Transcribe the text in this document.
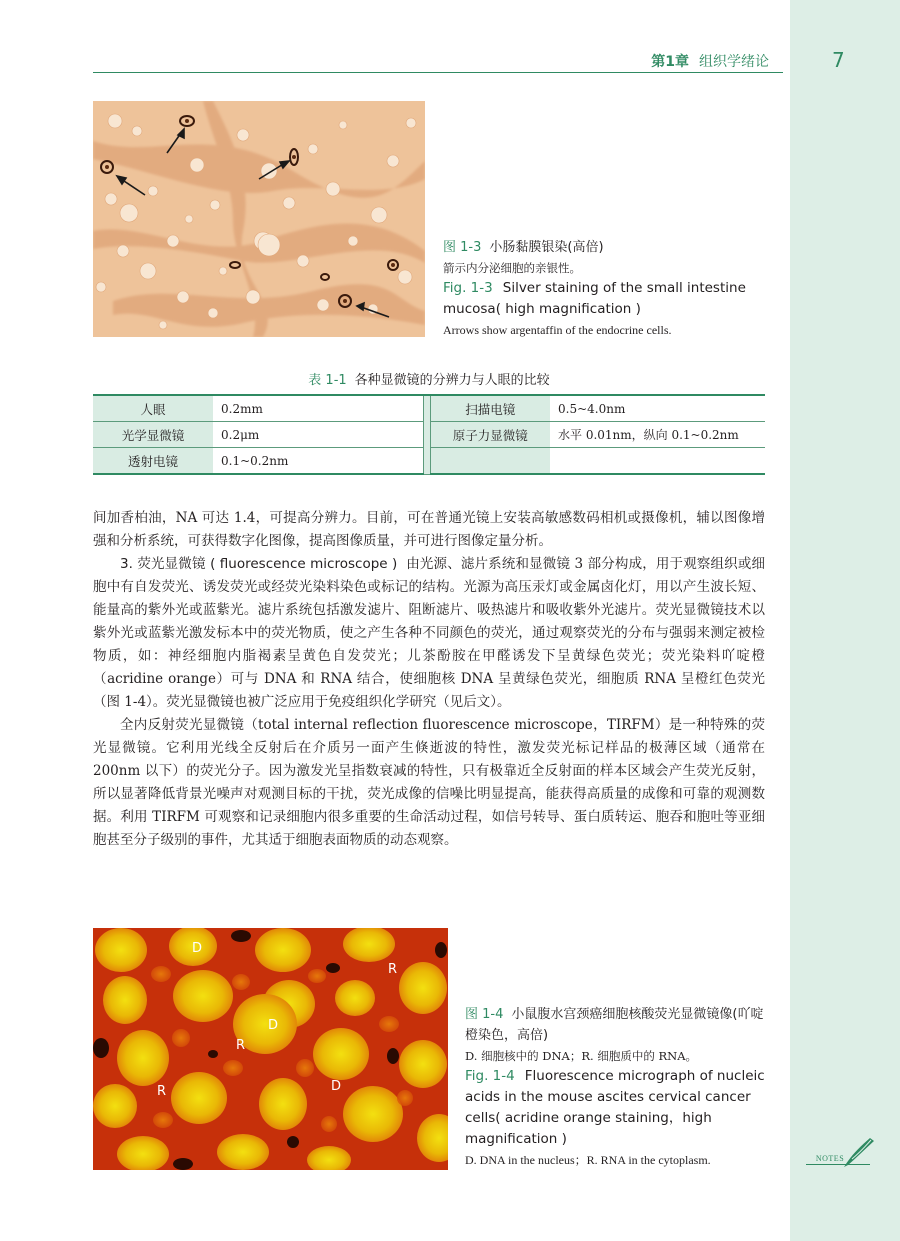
NOTES
第1章 组织学绪论	7
图 1-3 小肠黏膜银染(高倍)
箭示内分泌细胞的亲银性。
Fig. 1-3 Silver staining of the small intestine mucosa( high magnification )
Arrows show argentaffin of the endocrine cells.
表 1-1 各种显微镜的分辨力与人眼的比较
人眼	0.2mm		扫描电镜	0.5~4.0nm
光学显微镜	0.2μm		原子力显微镜	水平 0.01nm，纵向 0.1~0.2nm
透射电镜	0.1~0.2nm			

间加香柏油，NA 可达 1.4，可提高分辨力。目前，可在普通光镜上安装高敏感数码相机或摄像机，辅以图像增强和分析系统，可获得数字化图像，提高图像质量，并可进行图像定量分析。

3. 荧光显微镜 ( fluorescence microscope ) 由光源、滤片系统和显微镜 3 部分构成，用于观察组织或细胞中有自发荧光、诱发荧光或经荧光染料染色或标记的结构。光源为高压汞灯或金属卤化灯，用以产生波长短、能量高的紫外光或蓝紫光。滤片系统包括激发滤片、阻断滤片、吸热滤片和吸收紫外光滤片。荧光显微镜技术以紫外光或蓝紫光激发标本中的荧光物质，使之产生各种不同颜色的荧光，通过观察荧光的分布与强弱来测定被检物质，如：神经细胞内脂褐素呈黄色自发荧光；儿茶酚胺在甲醛诱发下呈黄绿色荧光；荧光染料吖啶橙（acridine orange）可与 DNA 和 RNA 结合，使细胞核 DNA 呈黄绿色荧光，细胞质 RNA 呈橙红色荧光（图 1-4）。荧光显微镜也被广泛应用于免疫组织化学研究（见后文）。

全内反射荧光显微镜（total internal reflection fluorescence microscope，TIRFM）是一种特殊的荧光显微镜。它利用光线全反射后在介质另一面产生倏逝波的特性，激发荧光标记样品的极薄区域（通常在 200nm 以下）的荧光分子。因为激发光呈指数衰减的特性，只有极靠近全反射面的样本区域会产生荧光反射，所以显著降低背景光噪声对观测目标的干扰，荧光成像的信噪比明显提高，能获得高质量的成像和可靠的观测数据。利用 TIRFM 可观察和记录细胞内很多重要的生命活动过程，如信号转导、蛋白质转运、胞吞和胞吐等亚细胞甚至分子级别的事件，尤其适于细胞表面物质的动态观察。

D
R
D
R
R	D
图 1-4 小鼠腹水宫颈癌细胞核酸荧光显微镜像(吖啶橙染色，高倍)
D. 细胞核中的 DNA；R. 细胞质中的 RNA。
Fig. 1-4 Fluorescence micrograph of nucleic acids in the mouse ascites cervical cancer cells( acridine orange staining，high magnification )
D. DNA in the nucleus；R. RNA in the cytoplasm.
